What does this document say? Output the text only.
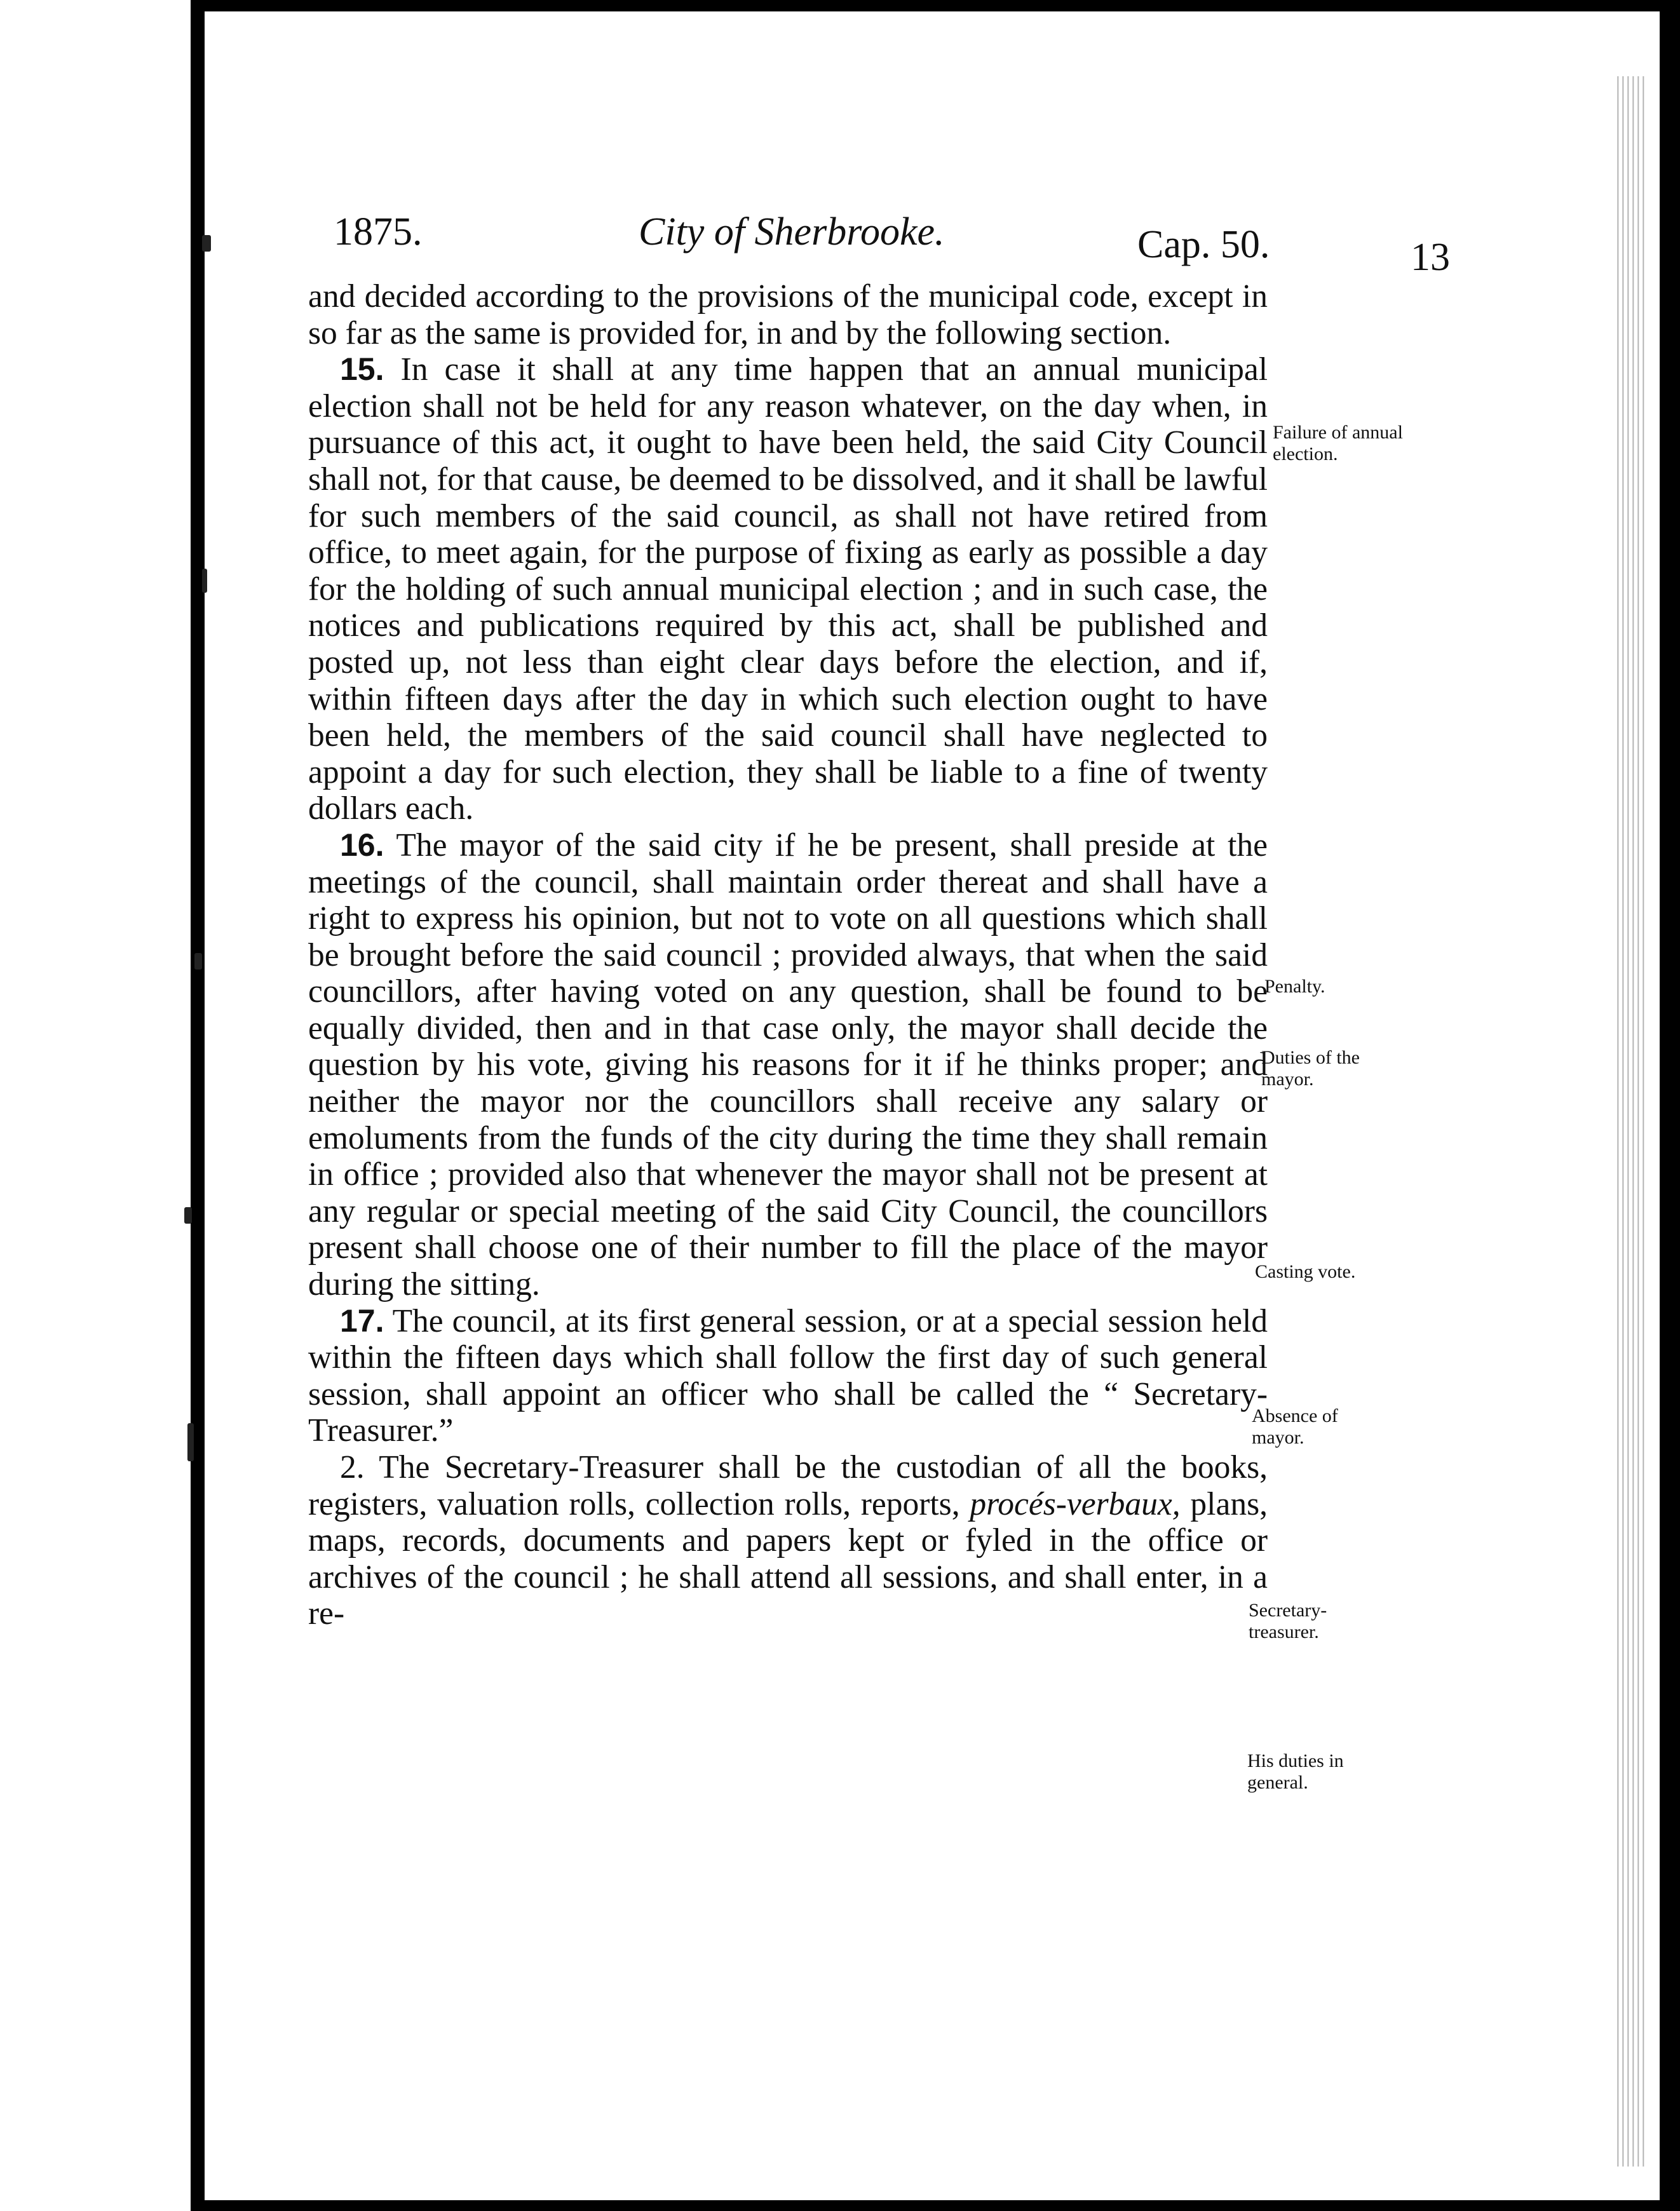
1875.	City of Sherbrooke.	Cap. 50.	13

and decided according to the provisions of the municipal code, except in so far as the same is provided for, in and by the following section.

15. In case it shall at any time happen that an annual municipal election shall not be held for any reason whatever, on the day when, in pursuance of this act, it ought to have been held, the said City Council shall not, for that cause, be deemed to be dissolved, and it shall be lawful for such members of the said council, as shall not have retired from office, to meet again, for the purpose of fixing as early as possible a day for the holding of such annual municipal election ; and in such case, the notices and publications required by this act, shall be published and posted up, not less than eight clear days before the election, and if, within fifteen days after the day in which such election ought to have been held, the members of the said council shall have neglected to appoint a day for such election, they shall be liable to a fine of twenty dollars each.

16. The mayor of the said city if he be present, shall preside at the meetings of the council, shall maintain order thereat and shall have a right to express his opinion, but not to vote on all questions which shall be brought before the said council ; provided always, that when the said councillors, after having voted on any question, shall be found to be equally divided, then and in that case only, the mayor shall decide the question by his vote, giving his reasons for it if he thinks proper; and neither the mayor nor the councillors shall receive any salary or emoluments from the funds of the city during the time they shall remain in office ; provided also that whenever the mayor shall not be present at any regular or special meeting of the said City Council, the councillors present shall choose one of their number to fill the place of the mayor during the sitting.

17. The council, at its first general session, or at a special session held within the fifteen days which shall follow the first day of such general session, shall appoint an officer who shall be called the “ Secretary-Treasurer.”

2. The Secretary-Treasurer shall be the custodian of all the books, registers, valuation rolls, collection rolls, reports, procés-verbaux, plans, maps, records, documents and papers kept or fyled in the office or archives of the council ; he shall attend all sessions, and shall enter, in a re-

Failure of annual election.
Penalty.
Duties of the mayor.
Casting vote.
Absence of mayor.
Secretary-treasurer.
His duties in general.
